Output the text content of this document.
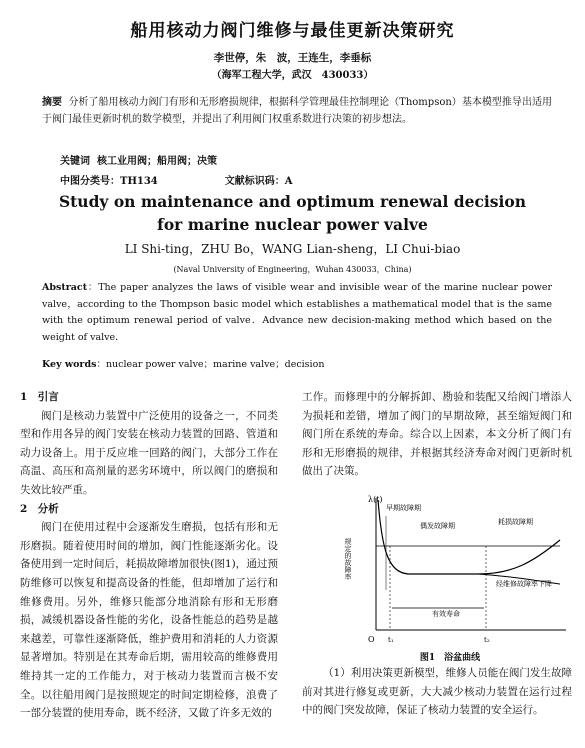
船用核动力阀门维修与最佳更新决策研究
李世停，朱　波，王连生，李垂标
（海军工程大学，武汉　430033）
摘要 分析了船用核动力阀门有形和无形磨损规律，根据科学管理最佳控制理论（Thompson）基本模型推导出适用于阀门最佳更新时机的数学模型，并提出了利用阀门权重系数进行决策的初步想法。
关键词 核工业用阀；船用阀；决策
中图分类号：TH134	文献标识码：A
Study on maintenance and optimum renewal decision
for marine nuclear power valve
LI Shi-ting，ZHU Bo，WANG Lian-sheng，LI Chui-biao
(Naval University of Engineering，Wuhan 430033，China)
Abstract：The paper analyzes the laws of visible wear and invisible wear of the marine nuclear power valve，according to the Thompson basic model which establishes a mathematical model that is the same with the optimum renewal period of valve．Advance new decision-making method which based on the weight of valve．
Key words：nuclear power valve；marine valve；decision
1　引言

阀门是核动力装置中广泛使用的设备之一，不同类型和作用各异的阀门安装在核动力装置的回路、管道和动力设备上。用于反应堆一回路的阀门，大部分工作在高温、高压和高剂量的恶劣环境中，所以阀门的磨损和失效比较严重。

2　分析

阀门在使用过程中会逐渐发生磨损，包括有形和无形磨损。随着使用时间的增加，阀门性能逐渐劣化。设备使用到一定时间后，耗损故障增加很快(图1)，通过预防维修可以恢复和提高设备的性能，但却增加了运行和维修费用。另外，维修只能部分地消除有形和无形磨损，减缓机器设备性能的劣化，设备性能总的趋势是越来越差，可靠性逐渐降低，维护费用和消耗的人力资源显著增加。特别是在其寿命后期，需用较高的维修费用维持其一定的工作能力，对于核动力装置而言极不安全。以往船用阀门是按照规定的时间定期检修，浪费了一部分装置的使用寿命，既不经济，又做了许多无效的

工作。而修理中的分解拆卸、勘验和装配又给阀门增添人为损耗和差错，增加了阀门的早期故障，甚至缩短阀门和阀门所在系统的寿命。综合以上因素，本文分析了阀门有形和无形磨损的规律，并根据其经济寿命对阀门更新时机做出了决策。

λ(t)
早期故障期
偶发故障期	耗损故障期
经维修故障率下降
有效寿命
O t₁	t₂
规定的故障率
图1　浴盆曲线

（1）利用决策更新模型，维修人员能在阀门发生故障前对其进行修复或更新，大大减少核动力装置在运行过程中的阀门突发故障，保证了核动力装置的安全运行。
